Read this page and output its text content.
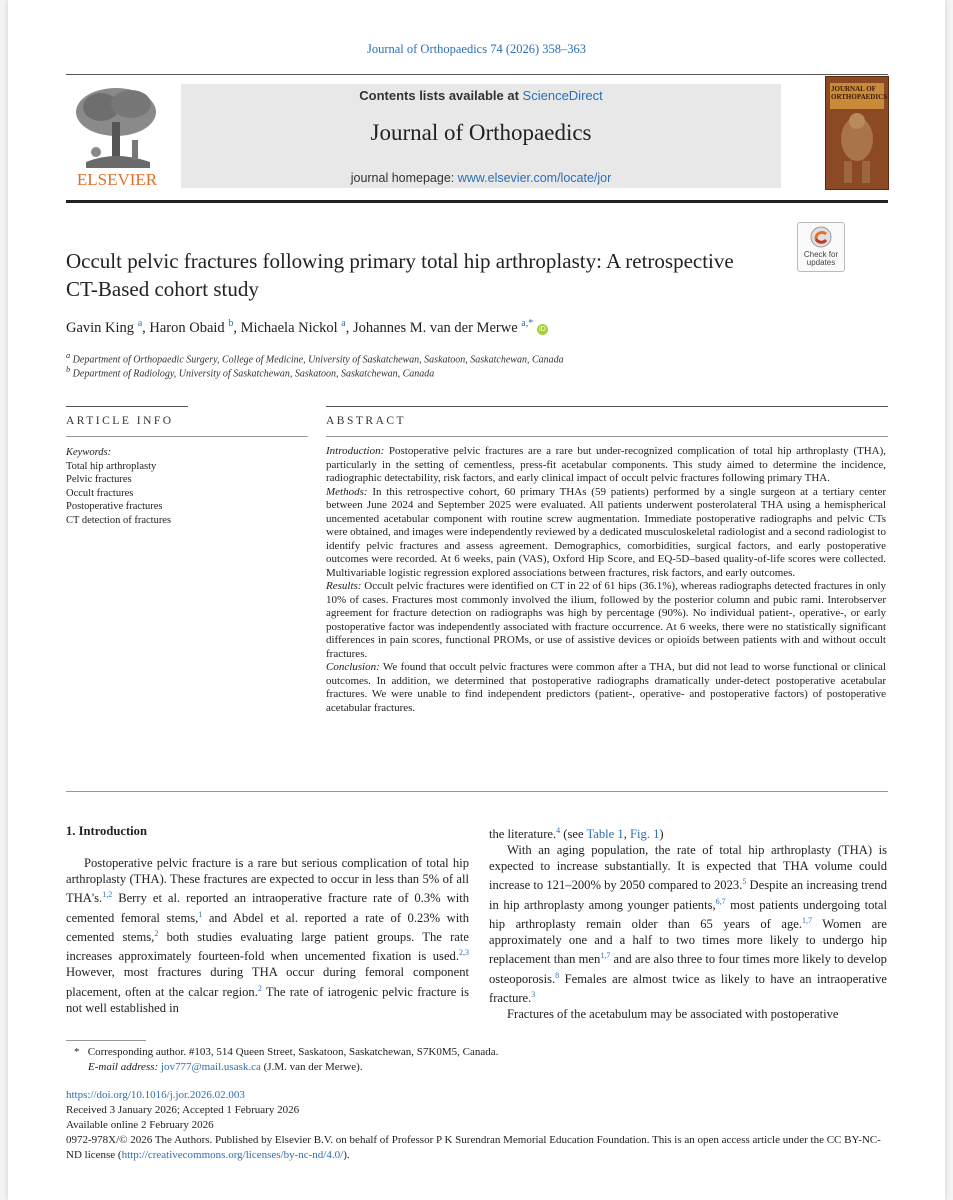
Journal of Orthopaedics 74 (2026) 358–363
ELSEVIER
Contents lists available at ScienceDirect
Journal of Orthopaedics
journal homepage: www.elsevier.com/locate/jor
JOURNAL OF ORTHOPAEDICS
Check for updates
Occult pelvic fractures following primary total hip arthroplasty: A retrospective CT-Based cohort study
Gavin King $^a$, Haron Obaid $^b$, Michaela Nickol $^a$, Johannes M. van der Merwe $^{a,*}$ iD
$^a$ Department of Orthopaedic Surgery, College of Medicine, University of Saskatchewan, Saskatoon, Saskatchewan, Canada
$^b$ Department of Radiology, University of Saskatchewan, Saskatoon, Saskatchewan, Canada
ARTICLE INFO	ABSTRACT
Keywords:
Total hip arthroplasty
Pelvic fractures
Occult fractures
Postoperative fractures
CT detection of fractures

Introduction: Postoperative pelvic fractures are a rare but under-recognized complication of total hip arthroplasty (THA), particularly in the setting of cementless, press-fit acetabular components. This study aimed to determine the incidence, radiographic detectability, risk factors, and early clinical impact of occult pelvic fractures following primary THA.

Methods: In this retrospective cohort, 60 primary THAs (59 patients) performed by a single surgeon at a tertiary center between June 2024 and September 2025 were evaluated. All patients underwent posterolateral THA using a hemispherical uncemented acetabular component with routine screw augmentation. Immediate postoperative radiographs and pelvic CTs were obtained, and images were independently reviewed by a dedicated musculoskeletal radiologist and a second radiologist to identify pelvic fractures and assess agreement. Demographics, comorbidities, surgical factors, and early postoperative outcomes were recorded. At 6 weeks, pain (VAS), Oxford Hip Score, and EQ-5D–based quality-of-life scores were collected. Multivariable logistic regression explored associations between fractures, risk factors, and early outcomes.

Results: Occult pelvic fractures were identified on CT in 22 of 61 hips (36.1%), whereas radiographs detected fractures in only 10% of cases. Fractures most commonly involved the ilium, followed by the posterior column and pubic rami. Interobserver agreement for fracture detection on radiographs was high by percentage (90%). No individual patient-, operative-, or early postoperative factor was independently associated with fracture occurrence. At 6 weeks, there were no statistically significant differences in pain scores, functional PROMs, or use of assistive devices or opioids between patients with and without occult fractures.

Conclusion: We found that occult pelvic fractures were common after a THA, but did not lead to worse functional or clinical outcomes. In addition, we determined that postoperative radiographs dramatically under-detect postoperative acetabular fractures. We were unable to find independent predictors (patient-, operative- and postoperative factors) of postoperative acetabular fractures.

1. Introduction

Postoperative pelvic fracture is a rare but serious complication of total hip arthroplasty (THA). These fractures are expected to occur in less than 5% of all THA's.$^{1,2}$ Berry et al. reported an intraoperative fracture rate of 0.3% with cemented femoral stems,$^1$ and Abdel et al. reported a rate of 0.23% with cemented stems,$^2$ both studies evaluating large patient groups. The rate increases approximately fourteen-fold when uncemented fixation is used.$^{2,3}$ However, most fractures during THA occur during femoral component placement, often at the calcar region.$^2$ The rate of iatrogenic pelvic fracture is not well established in

the literature.$^4$ (see Table 1, Fig. 1)

With an aging population, the rate of total hip arthroplasty (THA) is expected to increase substantially. It is expected that THA volume could increase to 121–200% by 2050 compared to 2023.$^5$ Despite an increasing trend in hip arthroplasty among younger patients,$^{6,7}$ most patients undergoing total hip arthroplasty remain older than 65 years of age.$^{1,7}$ Women are approximately one and a half to two times more likely to undergo hip replacement than men$^{1,7}$ and are also three to four times more likely to develop osteoporosis.$^8$ Females are almost twice as likely to have an intraoperative fracture.$^3$

Fractures of the acetabulum may be associated with postoperative

* Corresponding author. #103, 514 Queen Street, Saskatoon, Saskatchewan, S7K0M5, Canada.
E-mail address: jov777@mail.usask.ca (J.M. van der Merwe).
https://doi.org/10.1016/j.jor.2026.02.003
Received 3 January 2026; Accepted 1 February 2026
Available online 2 February 2026
0972-978X/© 2026 The Authors. Published by Elsevier B.V. on behalf of Professor P K Surendran Memorial Education Foundation. This is an open access article under the CC BY-NC-ND license (http://creativecommons.org/licenses/by-nc-nd/4.0/).
